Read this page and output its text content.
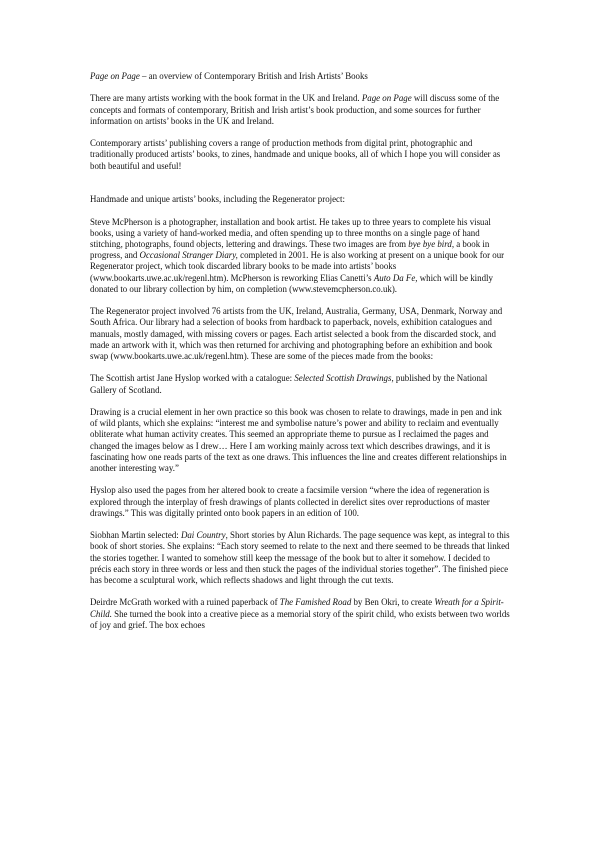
Page on Page – an overview of Contemporary British and Irish Artists’ Books

There are many artists working with the book format in the UK and Ireland. Page on Page will discuss some of the concepts and formats of contemporary, British and Irish artist’s book production, and some sources for further information on artists’ books in the UK and Ireland.

Contemporary artists’ publishing covers a range of production methods from digital print, photographic and traditionally produced artists’ books, to zines, handmade and unique books, all of which I hope you will consider as both beautiful and useful!

Handmade and unique artists’ books, including the Regenerator project:

Steve McPherson is a photographer, installation and book artist. He takes up to three years to complete his visual books, using a variety of hand-worked media, and often spending up to three months on a single page of hand stitching, photographs, found objects, lettering and drawings. These two images are from bye bye bird, a book in progress, and Occasional Stranger Diary, completed in 2001. He is also working at present on a unique book for our Regenerator project, which took discarded library books to be made into artists’ books (www.bookarts.uwe.ac.uk/regenl.htm). McPherson is reworking Elias Canetti’s Auto Da Fe, which will be kindly donated to our library collection by him, on completion (www.stevemcpherson.co.uk).

The Regenerator project involved 76 artists from the UK, Ireland, Australia, Germany, USA, Denmark, Norway and South Africa. Our library had a selection of books from hardback to paperback, novels, exhibition catalogues and manuals, mostly damaged, with missing covers or pages. Each artist selected a book from the discarded stock, and made an artwork with it, which was then returned for archiving and photographing before an exhibition and book swap (www.bookarts.uwe.ac.uk/regenl.htm). These are some of the pieces made from the books:

The Scottish artist Jane Hyslop worked with a catalogue: Selected Scottish Drawings, published by the National Gallery of Scotland.

Drawing is a crucial element in her own practice so this book was chosen to relate to drawings, made in pen and ink of wild plants, which she explains: “interest me and symbolise nature’s power and ability to reclaim and eventually obliterate what human activity creates. This seemed an appropriate theme to pursue as I reclaimed the pages and changed the images below as I drew… Here I am working mainly across text which describes drawings, and it is fascinating how one reads parts of the text as one draws. This influences the line and creates different relationships in another interesting way.”

Hyslop also used the pages from her altered book to create a facsimile version “where the idea of regeneration is explored through the interplay of fresh drawings of plants collected in derelict sites over reproductions of master drawings.” This was digitally printed onto book papers in an edition of 100.

Siobhan Martin selected: Dai Country, Short stories by Alun Richards. The page sequence was kept, as integral to this book of short stories. She explains: “Each story seemed to relate to the next and there seemed to be threads that linked the stories together. I wanted to somehow still keep the message of the book but to alter it somehow. I decided to précis each story in three words or less and then stuck the pages of the individual stories together”. The finished piece has become a sculptural work, which reflects shadows and light through the cut texts.

Deirdre McGrath worked with a ruined paperback of The Famished Road by Ben Okri, to create Wreath for a Spirit-Child. She turned the book into a creative piece as a memorial story of the spirit child, who exists between two worlds of joy and grief. The box echoes
